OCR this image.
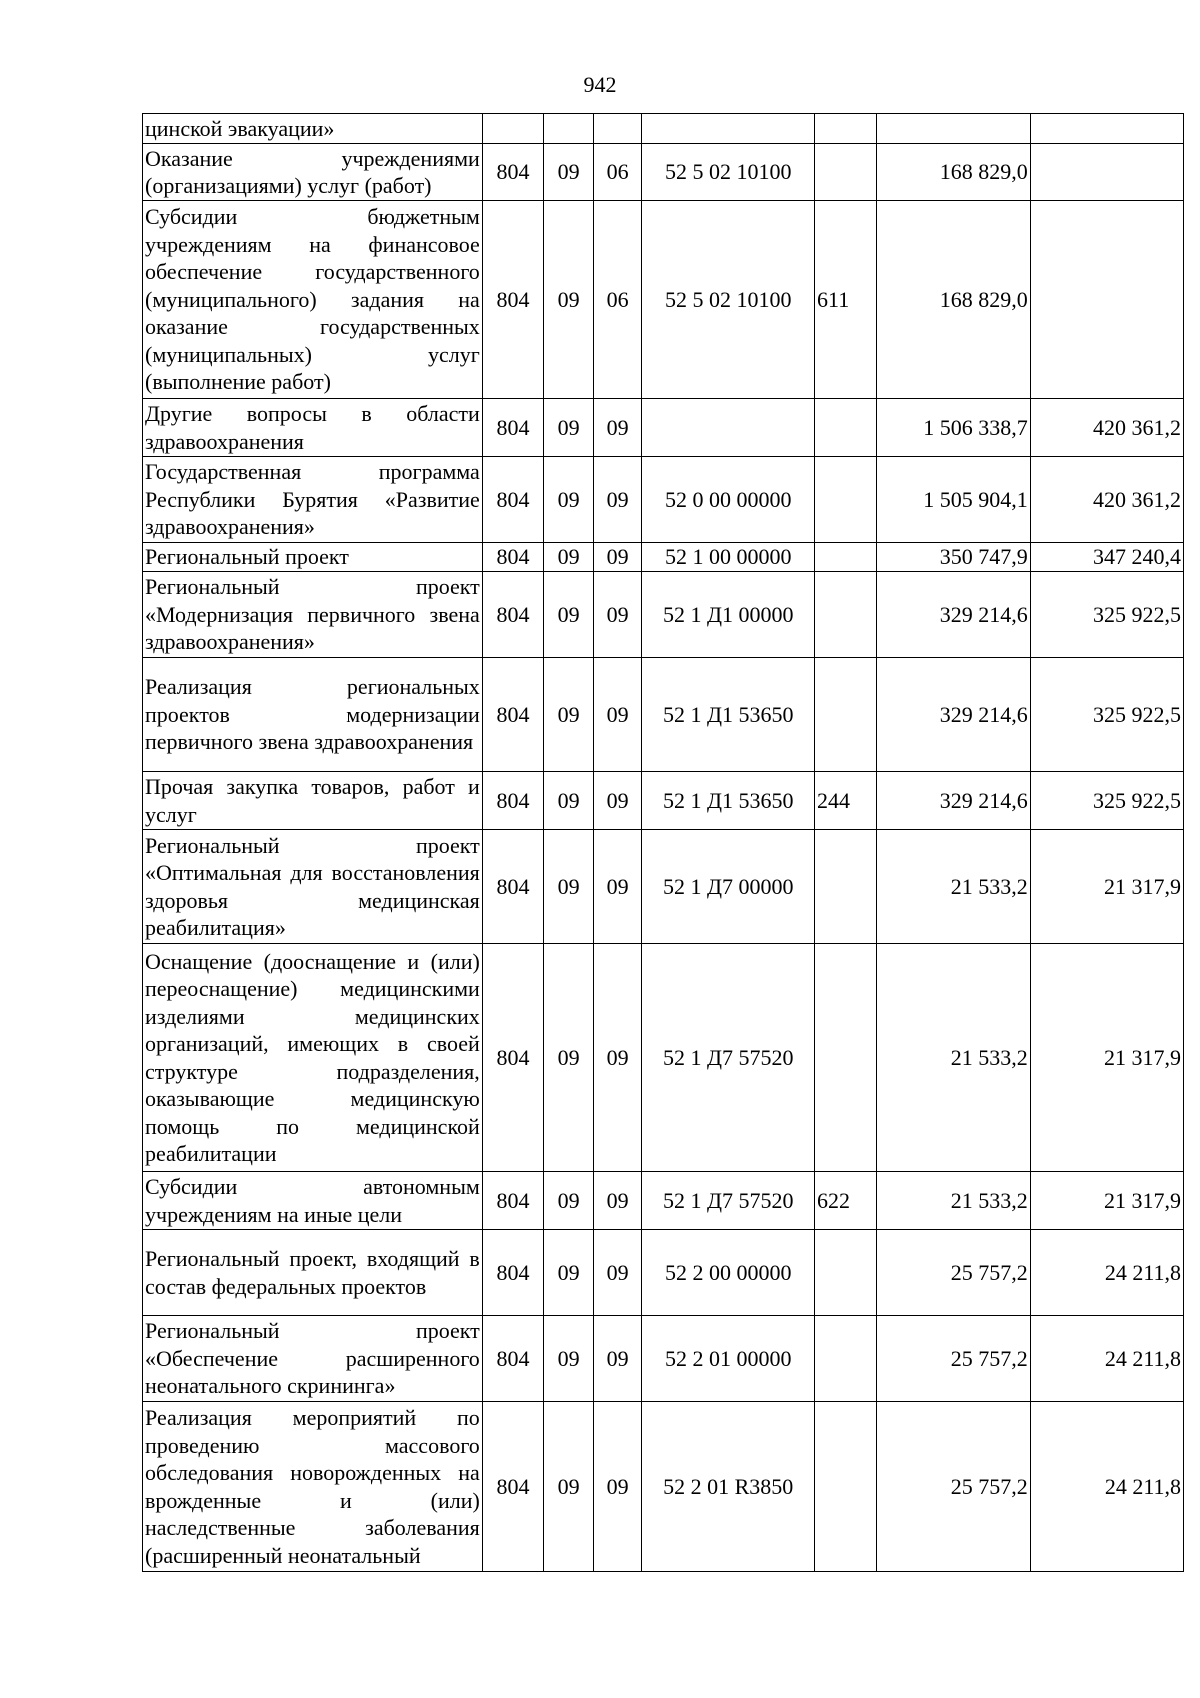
942
цинской эвакуации»							
Оказание учреждениями (организациями) услуг (работ)	804	09	06	52 5 02 10100		168 829,0	
Субсидии бюджетным учреждениям на финансовое обеспечение государственного (муниципального) задания на оказание государственных (муниципальных) услуг (выполнение работ)	804	09	06	52 5 02 10100	611	168 829,0	
Другие вопросы в области здравоохранения	804	09	09			1 506 338,7	420 361,2
Государственная программа Республики Бурятия «Развитие здравоохранения»	804	09	09	52 0 00 00000		1 505 904,1	420 361,2
Региональный проект	804	09	09	52 1 00 00000		350 747,9	347 240,4
Региональный проект «Модернизация первичного звена здравоохранения»	804	09	09	52 1 Д1 00000		329 214,6	325 922,5
Реализация региональных проектов модернизации первичного звена здравоохранения	804	09	09	52 1 Д1 53650		329 214,6	325 922,5
Прочая закупка товаров, работ и услуг	804	09	09	52 1 Д1 53650	244	329 214,6	325 922,5
Региональный проект «Оптимальная для восстановления здоровья медицинская реабилитация»	804	09	09	52 1 Д7 00000		21 533,2	21 317,9
Оснащение (дооснащение и (или) переоснащение) медицинскими изделиями медицинских организаций, имеющих в своей структуре подразделения, оказывающие медицинскую помощь по медицинской реабилитации	804	09	09	52 1 Д7 57520		21 533,2	21 317,9
Субсидии автономным учреждениям на иные цели	804	09	09	52 1 Д7 57520	622	21 533,2	21 317,9
Региональный проект, входящий в состав федеральных проектов	804	09	09	52 2 00 00000		25 757,2	24 211,8
Региональный проект «Обеспечение расширенного неонатального скрининга»	804	09	09	52 2 01 00000		25 757,2	24 211,8
Реализация мероприятий по проведению массового обследования новорожденных на врожденные и (или) наследственные заболевания (расширенный неонатальный	804	09	09	52 2 01 R3850		25 757,2	24 211,8
